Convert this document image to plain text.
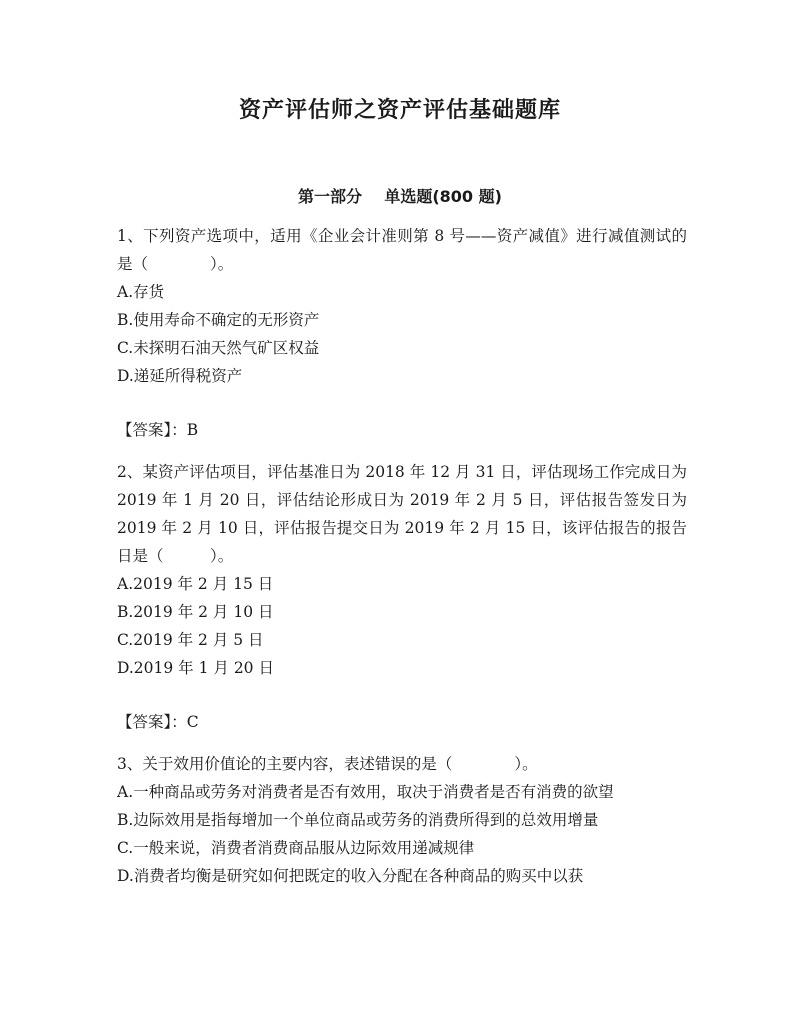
资产评估师之资产评估基础题库
第一部分    单选题(800 题)

1、下列资产选项中，适用《企业会计准则第 8 号——资产减值》进行减值测试的是（　　　　）。

A.存货
B.使用寿命不确定的无形资产
C.未探明石油天然气矿区权益
D.递延所得税资产

【答案】：B

2、某资产评估项目，评估基准日为 2018 年 12 月 31 日，评估现场工作完成日为 2019 年 1 月 20 日，评估结论形成日为 2019 年 2 月 5 日，评估报告签发日为 2019 年 2 月 10 日，评估报告提交日为 2019 年 2 月 15 日，该评估报告的报告日是（　　　）。

A.2019 年 2 月 15 日
B.2019 年 2 月 10 日
C.2019 年 2 月 5 日
D.2019 年 1 月 20 日

【答案】：C

3、关于效用价值论的主要内容，表述错误的是（　　　　）。

A.一种商品或劳务对消费者是否有效用，取决于消费者是否有消费的欲望
B.边际效用是指每增加一个单位商品或劳务的消费所得到的总效用增量
C.一般来说，消费者消费商品服从边际效用递减规律
D.消费者均衡是研究如何把既定的收入分配在各种商品的购买中以获
